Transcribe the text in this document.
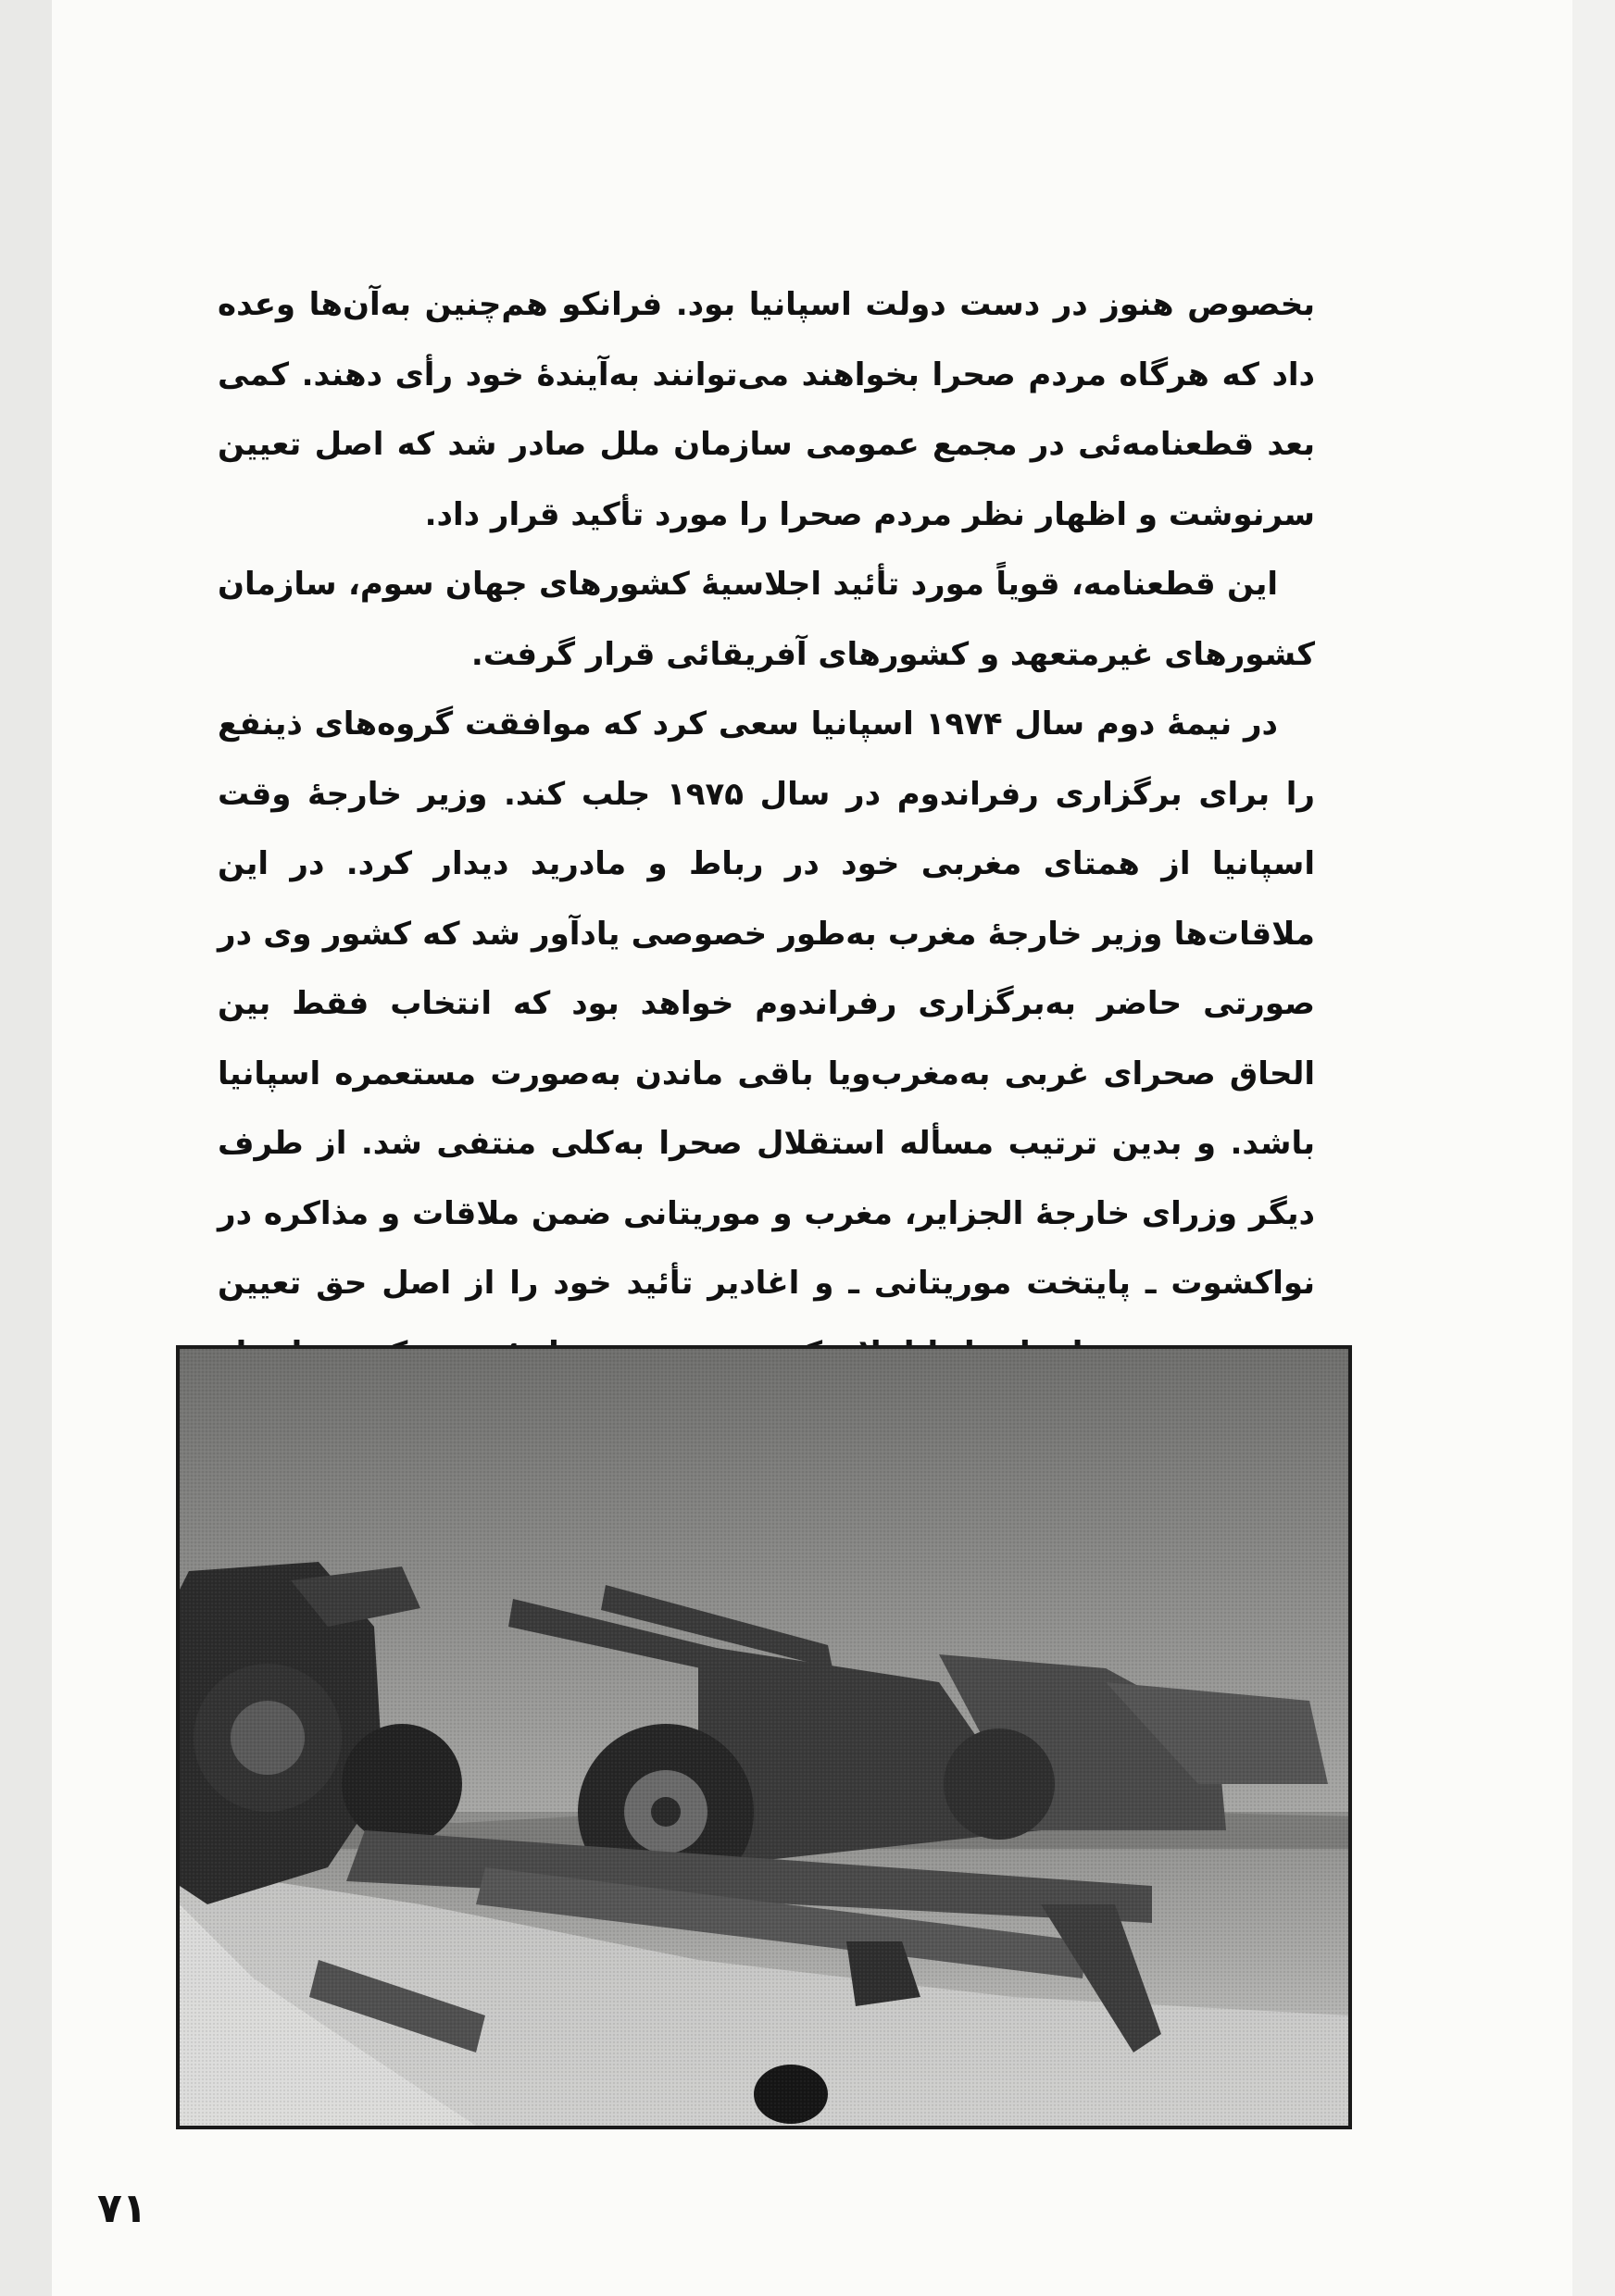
بخصوص هنوز در دست دولت اسپانیا بود. فرانکو هم‌چنین به‌آن‌ها وعده داد که هرگاه مردم صحرا بخواهند می‌توانند به‌آیندهٔ خود رأی دهند. کمی بعد قطعنامه‌ئی در مجمع عمومی سازمان ملل صادر شد که اصل تعیین سرنوشت و اظهار نظر مردم صحرا را مورد تأکید قرار داد.

این قطعنامه، قویاً مورد تأئید اجلاسیهٔ کشورهای جهان سوم، سازمان کشورهای غیرمتعهد و کشورهای آفریقائی قرار گرفت.

در نیمهٔ دوم سال ۱۹۷۴ اسپانیا سعی کرد که موافقت گروه‌های ذینفع را برای برگزاری رفراندوم در سال ۱۹۷۵ جلب کند. وزیر خارجهٔ وقت اسپانیا از همتای مغربی خود در رباط و مادرید دیدار کرد. در این ملاقات‌ها وزیر خارجهٔ مغرب به‌طور خصوصی یادآور شد که کشور وی در صورتی حاضر به‌برگزاری رفراندوم خواهد بود که انتخاب فقط بین الحاق صحرای غربی به‌مغرب‌ویا باقی ماندن به‌صورت مستعمره اسپانیا باشد. و بدین ترتیب مسأله استقلال صحرا به‌کلی منتفی شد. از طرف دیگر وزرای خارجهٔ الجزایر، مغرب و موریتانی ضمن ملاقات و مذاکره در نواکشوت ـ پایتخت موریتانی ـ و اغادیر تأئید خود را از اصل حق تعیین

۷۱
